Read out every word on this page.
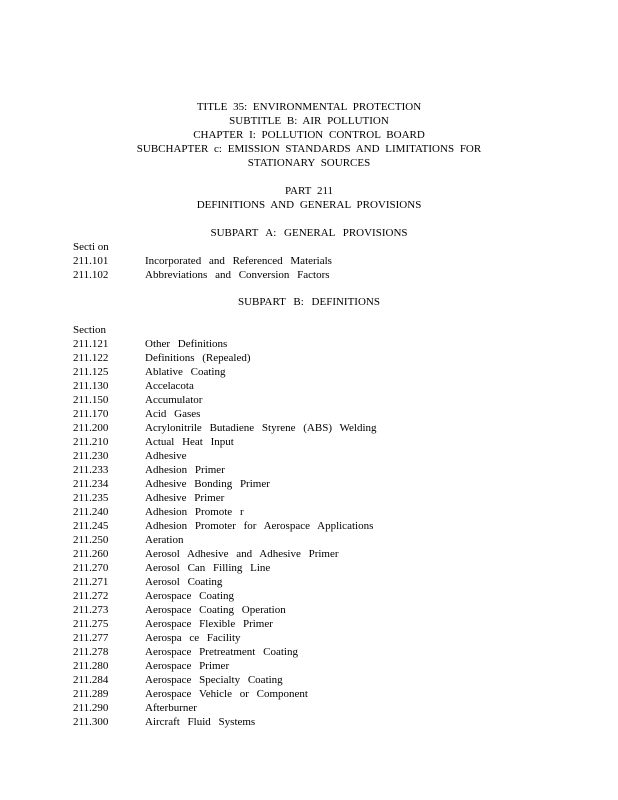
TITLE 35: ENVIRONMENTAL PROTECTION
SUBTITLE B: AIR POLLUTION
CHAPTER I: POLLUTION CONTROL BOARD
SUBCHAPTER c: EMISSION STANDARDS AND LIMITATIONS FOR
STATIONARY SOURCES
PART 211
DEFINITIONS AND GENERAL PROVISIONS
SUBPART A: GENERAL PROVISIONS
Secti on
211.101	Incorporated and Referenced Materials
211.102	Abbreviations and Conversion Factors
SUBPART B: DEFINITIONS
Section
211.121	Other Definitions
211.122	Definitions (Repealed)
211.125	Ablative Coating
211.130	Accelacota
211.150	Accumulator
211.170	Acid Gases
211.200	Acrylonitrile Butadiene Styrene (ABS) Welding
211.210	Actual Heat Input
211.230	Adhesive
211.233	Adhesion Primer
211.234	Adhesive Bonding Primer
211.235	Adhesive Primer
211.240	Adhesion Promote r
211.245	Adhesion Promoter for Aerospace Applications
211.250	Aeration
211.260	Aerosol Adhesive and Adhesive Primer
211.270	Aerosol Can Filling Line
211.271	Aerosol Coating
211.272	Aerospace Coating
211.273	Aerospace Coating Operation
211.275	Aerospace Flexible Primer
211.277	Aerospa ce Facility
211.278	Aerospace Pretreatment Coating
211.280	Aerospace Primer
211.284	Aerospace Specialty Coating
211.289	Aerospace Vehicle or Component
211.290	Afterburner
211.300	Aircraft Fluid Systems
